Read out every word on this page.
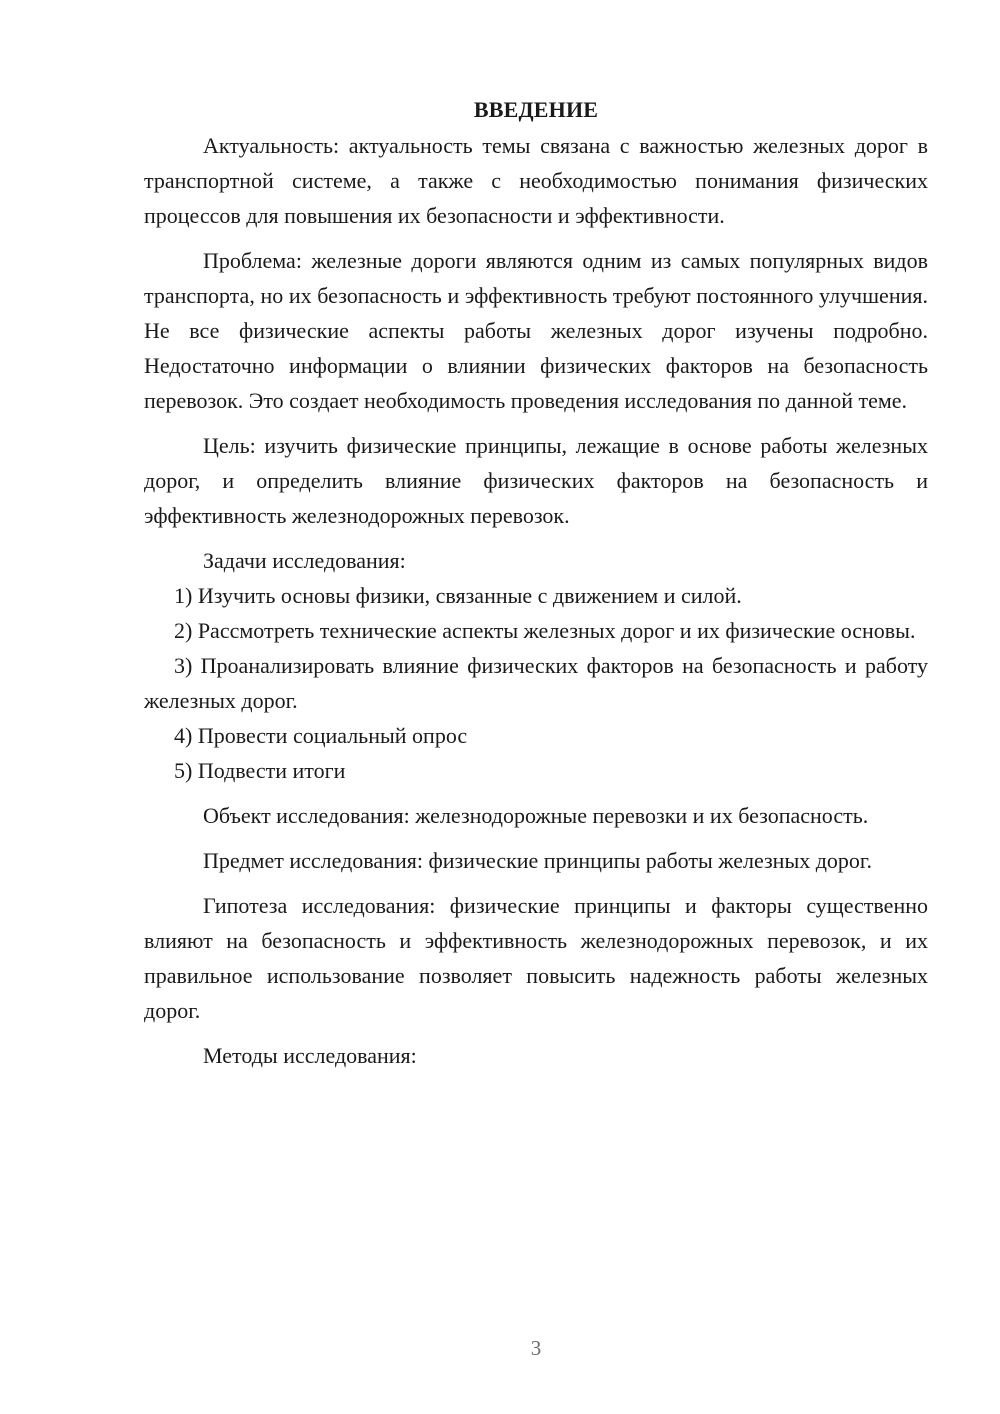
ВВЕДЕНИЕ

Актуальность: актуальность темы связана с важностью железных дорог в транспортной системе, а также с необходимостью понимания физических процессов для повышения их безопасности и эффективности.

Проблема: железные дороги являются одним из самых популярных видов транспорта, но их безопасность и эффективность требуют постоянного улучшения. Не все физические аспекты работы железных дорог изучены подробно. Недостаточно информации о влиянии физических факторов на безопасность перевозок. Это создает необходимость проведения исследования по данной теме.

Цель: изучить физические принципы, лежащие в основе работы железных дорог, и определить влияние физических факторов на безопасность и эффективность железнодорожных перевозок.

Задачи исследования:

1) Изучить основы физики, связанные с движением и силой.

2) Рассмотреть технические аспекты железных дорог и их физические основы.

3) Проанализировать влияние физических факторов на безопасность и работу железных дорог.

4) Провести социальный опрос

5) Подвести итоги

Объект исследования: железнодорожные перевозки и их безопасность.

Предмет исследования: физические принципы работы железных дорог.

Гипотеза исследования: физические принципы и факторы существенно влияют на безопасность и эффективность железнодорожных перевозок, и их правильное использование позволяет повысить надежность работы железных дорог.

Методы исследования:

3
